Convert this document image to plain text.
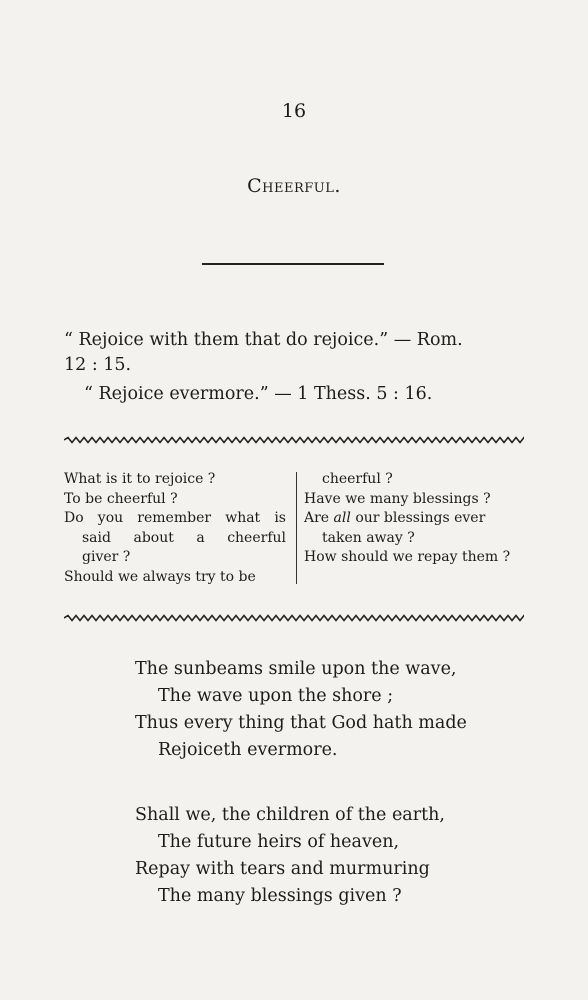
16
Cheerful.
“ Rejoice with them that do rejoice.” — Rom.
12 : 15.
“ Rejoice evermore.” — 1 Thess. 5 : 16.
What is it to rejoice ?
To be cheerful ?
Do you remember what is
said about a cheerful
giver ?
Should we always try to be
cheerful ?
Have we many blessings ?
Are all our blessings ever
taken away ?
How should we repay them ?
The sunbeams smile upon the wave,
The wave upon the shore ;
Thus every thing that God hath made
Rejoiceth evermore.
Shall we, the children of the earth,
The future heirs of heaven,
Repay with tears and murmuring
The many blessings given ?
